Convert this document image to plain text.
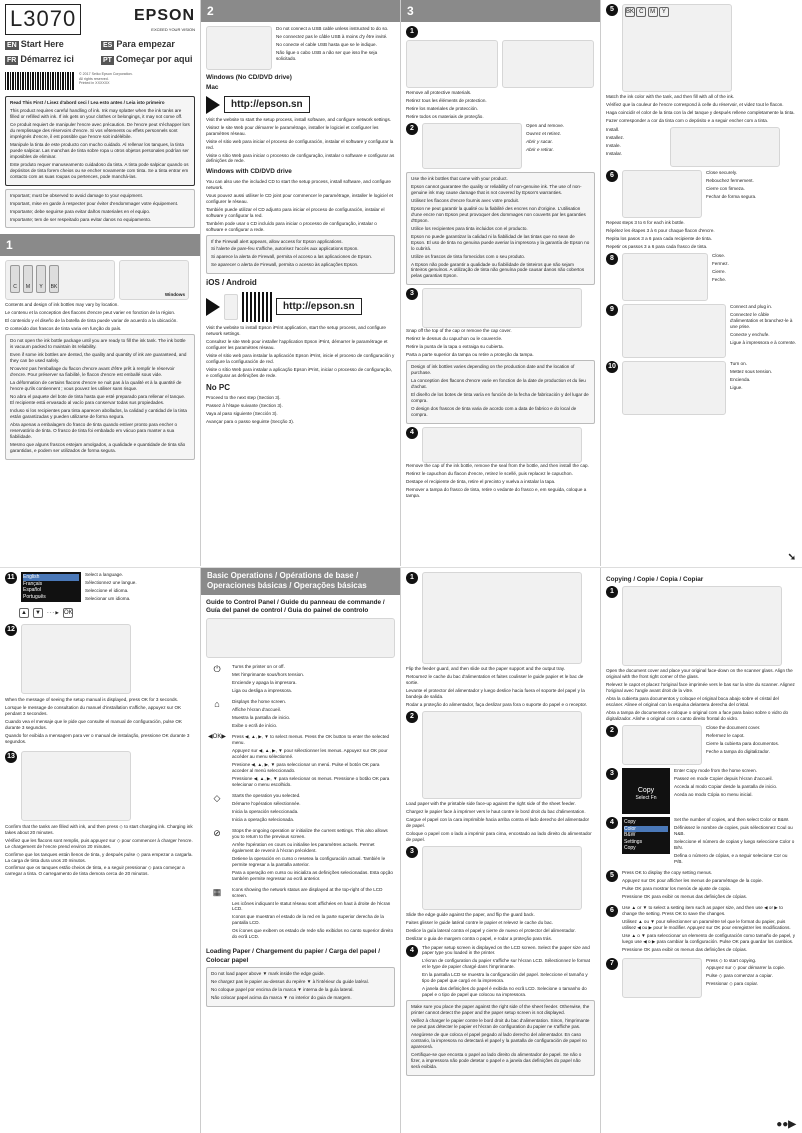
L3070	EPSON
EXCEED YOUR VISION
EN Start Here	ES Para empezar
FR Démarrez ici	PT Começar por aqui
© 2017 Seiko Epson Corporation.
All rights reserved.
Printed in XXXXXX

Read This First / Lisez d'abord ceci / Lea esto antes / Leia isto primeiro

This product requires careful handling of ink. Ink may splatter when the ink tanks are filled or refilled with ink. If ink gets on your clothes or belongings, it may not come off.

Ce produit requiert de manipuler l'encre avec précaution. De l'encre peut s'échapper lors du remplissage des réservoirs d'encre. Si vos vêtements ou effets personnels sont imprégnés d'encre, il est possible que l'encre soit indélébile.

Manipule la tinta de este producto con mucho cuidado. Al rellenar los tanques, la tinta puede salpicar. Las manchas de tinta sobre ropa u otros objetos personales podrían ser imposibles de eliminar.

Este produto requer manuseamento cuidadoso da tinta. A tinta pode salpicar quando os depósitos de tinta forem cheios ou se encher novamente com tinta. Se a tinta entrar em contacto com as suas roupas ou pertences, pode manchá-las.

Important; must be observed to avoid damage to your equipment.

Important, mise en garde à respecter pour éviter d'endommager votre équipement.

Importante; debe seguirse para evitar daños materiales en el equipo.

Importante; tem de ser respeitado para evitar danos no equipamento.

1
C M Y BK
Windows

Contents and design of ink bottles may vary by location.

Le contenu et la conception des flacons d'encre peut varier en fonction de la région.

El contenido y el diseño de la botella de tinta puede variar de acuerdo a la ubicación.

O conteúdo dos frascos de tinta varia em função do país.

Do not open the ink bottle package until you are ready to fill the ink tank. The ink bottle is vacuum packed to maintain its reliability.

Even if some ink bottles are dented, the quality and quantity of ink are guaranteed, and they can be used safely.

N'ouvrez pas l'emballage du flacon d'encre avant d'être prêt à remplir le réservoir d'encre. Pour préserver sa fiabilité, le flacon d'encre est emballé sous vide.

La déformation de certains flacons d'encre ne nuit pas à la qualité et à la quantité de l'encre qu'ils contiennent ; vous pouvez les utiliser sans risque.

No abra el paquete del bote de tinta hasta que esté preparado para rellenar el tanque. El recipiente está envasado al vacío para conservar todas sus propiedades.

Incluso si los recipientes para tinta aparecen abollados, la calidad y cantidad de la tinta están garantizadas y pueden utilizarse de forma segura.

Abra apenas a embalagem do frasco de tinta quando estiver pronto para encher o reservatório de tinta. O frasco de tinta foi embalado em vácuo para manter a sua fiabilidade.

Mesmo que alguns frascos estejam amolgados, a qualidade e quantidade de tinta são garantidas, e podem ser utilizados de forma segura.

2

Do not connect a USB cable unless instructed to do so.

Ne connectez pas le câble USB à moins d'y être invité.

No conecte el cable USB hasta que se le indique.

Não ligue o cabo USB a não ser que isso lhe seja solicitado.

Windows (No CD/DVD drive)
Mac
http://epson.sn

Visit the website to start the setup process, install software, and configure network settings.

Visitez le site Web pour démarrer le paramétrage, installer le logiciel et configurer les paramètres réseau.

Visite el sitio web para iniciar el proceso de configuración, instalar el software y configurar la red.

Visite o sítio Web para iniciar o processo de configuração, instalar o software e configurar as definições de rede.

Windows with CD/DVD drive

You can also use the included CD to start the setup process, install software, and configure network.

Vous pouvez aussi utiliser le CD joint pour commencer le paramétrage, installer le logiciel et configurer le réseau.

También puede utilizar el CD adjunto para iniciar el proceso de configuración, instalar el software y configurar la red.

Também pode usar o CD incluído para iniciar o processo de configuração, instalar o software e configurar a rede.

If the Firewall alert appears, allow access for Epson applications.

Si l'alerte de pare-feu s'affiche, autorisez l'accès aux applications Epson.

Si aparece la alerta de Firewall, permita el acceso a las aplicaciones de Epson.

Se aparecer o alerta de Firewall, permita o acesso às aplicações Epson.

iOS / Android
http://epson.sn

Visit the website to install Epson iPrint application, start the setup process, and configure network settings.

Consultez le site Web pour installer l'application Epson iPrint, démarrer le paramétrage et configurer les paramètres réseau.

Visite el sitio web para instalar la aplicación Epson iPrint, inicie el proceso de configuración y configure la configuración de red.

Visite o sítio Web para instalar a aplicação Epson iPrint, iniciar o processo de configuração, e configurar as definições de rede.

No PC

Proceed to the next step (Section 3).

Passez à l'étape suivante (Section 3).

Vaya al paso siguiente (Sección 3).

Avançar para o passo seguinte (Secção 3).

3
1

Remove all protective materials.

Retirez tous les éléments de protection.

Retire los materiales de protección.

Retire todos os materiais de proteção.

2	Open and remove.

Ouvrez et retirez.

Abrir y sacar.

Abrir e retirar.

Use the ink bottles that came with your product.

Epson cannot guarantee the quality or reliability of non-genuine ink. The use of non-genuine ink may cause damage that is not covered by Epson's warranties.

Utilisez les flacons d'encre fournis avec votre produit.

Epson ne peut garantir la qualité ou la fiabilité des encres non d'origine. L'utilisation d'une encre non Epson peut provoquer des dommages non couverts par les garanties d'Epson.

Utilice los recipientes para tinta incluidos con el producto.

Epson no puede garantizar la calidad ni la fiabilidad de las tintas que no sean de Epson. El uso de tinta no genuina puede averiar la impresora y la garantía de Epson no lo cubrirá.

Utilize os frascos de tinta fornecidos com o seu produto.

A Epson não pode garantir a qualidade ou fiabilidade de tinteiros que não sejam tinteiros genuínos. A utilização de tinta não genuína pode causar danos não cobertos pelas garantias Epson.

3

Snap off the top of the cap or remove the cap cover.

Retirez le dessus du capuchon ou le couvercle.

Retire la punta de la tapa o extraiga su cubierta.

Parta a parte superior da tampa ou retire a proteção da tampa.

Design of ink bottles varies depending on the production date and the location of purchase.

La conception des flacons d'encre varie en fonction de la date de production et du lieu d'achat.

El diseño de los botes de tinta varía en función de la fecha de fabricación y del lugar de compra.

O design dos frascos de tinta varia de acordo com a data de fabrico e do local de compra.

4

Remove the cap of the ink bottle, remove the seal from the bottle, and then install the cap.

Retirez le capuchon du flacon d'encre, retirez le scellé, puis replacez le capuchon.

Destape el recipiente de tinta, retire el precinto y vuelva a instalar la tapa.

Remover a tampa do frasco de tinta, retire o vedante do frasco e, em seguida, coloque a tampa.

5	BK C M Y

Match the ink color with the tank, and then fill with all of the ink.

Vérifiez que la couleur de l'encre correspond à celle du réservoir, et videz tout le flacon.

Haga coincidir el color de la tinta con la del tanque y después rellene completamente la tinta.

Fazer corresponder a cor da tinta com o depósito e a seguir encher com a tinta.

Install.

Installez.

Instale.

Instalar.

6	Close securely.

Rebouchez fermement.

Cierre con firmeza.

Fechar de forma segura.

Repeat steps 3 to 6 for each ink bottle.

Répétez les étapes 3 à 6 pour chaque flacon d'encre.

Repita los pasos 3 a 6 para cada recipiente de tinta.

Repetir os passos 3 a 6 para cada frasco de tinta.

8	Close.

Fermez.

Cierre.

Feche.

9	Connect and plug in.

Connectez le câble d'alimentation et branchez-le à une prise.

Conecte y enchufe.

Ligue à impressora e à corrente.

10	Turn on.

Mettez sous tension.

Encienda.

Ligue.

➘
11	English
Français
Español
Português

Select a language.

Sélectionnez une langue.

Seleccione el idioma.

Selecionar um idioma.

▲	▼	- - - ▶ OK
12

When the message of seeing the setup manual is displayed, press OK for 3 seconds.

Lorsque le message de consultation du manuel d'installation s'affiche, appuyez sur OK pendant 3 secondes.

Cuando vea el mensaje que le pide que consulte el manual de configuración, pulse OK durante 3 segundos.

Quando for exibida a mensagem para ver o manual de instalação, pressione OK durante 3 segundos.

13

Confirm that the tanks are filled with ink, and then press ◇ to start charging ink. Charging ink takes about 20 minutes.

Vérifiez que les flacons sont remplis, puis appuyez sur ◇ pour commencer à charger l'encre. Le chargement de l'encre prend environ 20 minutes.

Confirme que los tanques están llenos de tinta, y después pulse ◇ para empezar a cargarla. La carga de tinta dura unos 20 minutos.

Confirmar que os tanques estão cheios de tinta, e a seguir pressionar ◇ para começar a carregar a tinta. O carregamento de tinta demora cerca de 20 minutos.

Basic Operations / Opérations de base / Operaciones básicas / Operações básicas
Guide to Control Panel / Guide du panneau de commande / Guía del panel de control / Guia do painel de controlo
⏻	Turns the printer on or off.

Met l'imprimante sous/hors tension.

Enciende y apaga la impresora.

Liga ou desliga a impressora.

⌂	Displays the home screen.

Affiche l'écran d'accueil.

Muestra la pantalla de inicio.

Exibe o ecrã de início.

◀OK▶	Press ◀, ▲, ▶, ▼ to select menus. Press the OK button to enter the selected menu.

Appuyez sur ◀, ▲, ▶, ▼ pour sélectionner les menus. Appuyez sur OK pour accéder au menu sélectionné.

Presione ◀, ▲, ▶, ▼ para seleccionar un menú. Pulse el botón OK para acceder al menú seleccionado.

Pressione ◀, ▲, ▶, ▼ para selecionar os menus. Pressione o botão OK para selecionar o menu escolhido.

◇	Starts the operation you selected.

Démarre l'opération sélectionnée.

Inicia la operación seleccionada.

Inicia a operação selecionada.

⊘	Stops the ongoing operation or initialize the current settings. This also allows you to return to the previous screen.

Arrête l'opération en cours ou initialise les paramètres actuels. Permet également de revenir à l'écran précédent.

Detiene la operación en curso o resetea la configuración actual. También le permite regresar a la pantalla anterior.

Para a operação em curso ou inicializa as definições selecionadas. Esta opção também permite regressar ao ecrã anterior.

▦	Icons showing the network status are displayed at the top-right of the LCD screen.

Les icônes indiquant le statut réseau sont affichées en haut à droite de l'écran LCD.

Iconos que muestran el estado de la red en la parte superior derecha de la pantalla LCD.

Os ícones que exibem os estado de rede são exibidos no canto superior direito do ecrã LCD.

Loading Paper / Chargement du papier / Carga del papel / Colocar papel

Do not load paper above ▼ mark inside the edge guide.

Ne chargez pas le papier au-dessus du repère ▼ à l'intérieur du guide latéral.

No coloque papel por encima de la marca ▼ interna de la guía lateral.

Não colocar papel acima da marca ▼ no interior do guia de margem.

1

Flip the feeder guard, and then slide out the paper support and the output tray.

Retournez le cache du bac d'alimentation et faites coulisser le guide papier et le bac de sortie.

Levante el protector del alimentador y luego deslice hacia fuera el soporte del papel y la bandeja de salida.

Rodar a proteção do alimentador, faça deslizar para fora o suporte do papel e o receptor.

2

Load paper with the printable side face-up against the right side of the sheet feeder.

Chargez le papier face à imprimer vers le haut contre le bord droit du bac d'alimentation.

Cargue el papel con la cara imprimible hacia arriba contra el lado derecho del alimentador de papel.

Coloque o papel com o lado a imprimir para cima, encostado ao lado direito do alimentador de papel.

3

Slide the edge guide against the paper, and flip the guard back.

Faites glisser le guide latéral contre le papier et relevez le cache du bac.

Deslice la guía lateral contra el papel y cierre de nuevo el protector del alimentador.

Deslizar o guia de margem contra o papel, e rodar a proteção para trás.

4	The paper setup screen is displayed on the LCD screen. Select the paper size and paper type you loaded in the printer.

L'écran de configuration du papier s'affiche sur l'écran LCD. Sélectionnez le format et le type de papier chargé dans l'imprimante.

En la pantalla LCD se muestra la configuración del papel. Seleccione el tamaño y tipo de papel que cargó en la impresora.

A janela das definições do papel é exibida no ecrã LCD. Selecione o tamanho do papel e o tipo de papel que colocou na impressora.

Make sure you place the paper against the right side of the sheet feeder. Otherwise, the printer cannot detect the paper and the paper setup screen is not displayed.

Veillez à charger le papier contre le bord droit du bac d'alimentation. Sinon, l'imprimante ne peut pas détecter le papier et l'écran de configuration du papier ne s'affiche pas.

Asegúrese de que coloca el papel pegado al lado derecho del alimentador. En caso contrario, la impresora no detectará el papel y la pantalla de configuración de papel no aparecerá.

Certifique-se que encosta o papel ao lado direito do alimentador de papel. Se não o fizer, a impressora não pode detetar o papel e a janela das definições do papel não será exibida.

Copying / Copie / Copia / Copiar
1

Open the document cover and place your original face-down on the scanner glass. Align the original with the front right corner of the glass.

Relevez le capot et placez l'original face imprimée vers le bas sur la vitre du scanner. Alignez l'original avec l'angle avant droit de la vitre.

Abra la cubierta para documentos y coloque el original boca abajo sobre el cristal del escáner. Alinee el original con la esquina delantera derecha del cristal.

Abra a tampa de documentos e coloque o original com a face para baixo sobre o vidro do digitalizador. Alinhe o original com o canto direito frontal do vidro.

2	Close the document cover.

Refermez le capot.

Cierre la cubierta para documentos.

Feche a tampa do digitalizador.

3
Copy
Select Fn

Enter Copy mode from the home screen.

Passez en mode Copier depuis l'écran d'accueil.

Acceda al modo Copiar desde la pantalla de inicio.

Aceda ao modo Cópia no menu inicial.

4	Copy
Color
B&W
Settings
Copy

Set the number of copies, and then select Color or B&W.

Définissez le nombre de copies, puis sélectionnez Coul ou N&B.

Seleccione el número de copias y luego seleccione Color o B/N.

Defina o número de cópias, e a seguir selecione Cor ou P/B.

5	Press OK to display the copy setting menus.

Appuyez sur OK pour afficher les menus de paramétrage de la copie.

Pulse OK para mostrar los menús de ajuste de copia.

Pressione OK para exibir os menus das definições de cópias.

6	Use ▲ or ▼ to select a setting item such as paper size, and then use ◀ or ▶ to change the setting. Press OK to save the changes.

Utilisez ▲ ou ▼ pour sélectionner un paramètre tel que le format du papier, puis utilisez ◀ ou ▶ pour le modifier. Appuyez sur OK pour enregistrer les modifications.

Use ▲ o ▼ para seleccionar un elemento de configuración como tamaño de papel, y luego use ◀ o ▶ para cambiar la configuración. Pulse OK para guardar los cambios.

Pressione OK para exibir os menus das definições de cópias.

7	Press ◇ to start copying.

Appuyez sur ◇ pour démarrer la copie.

Pulse ◇ para comenzar a copiar.

Pressionar ◇ para copiar.

●●▶
